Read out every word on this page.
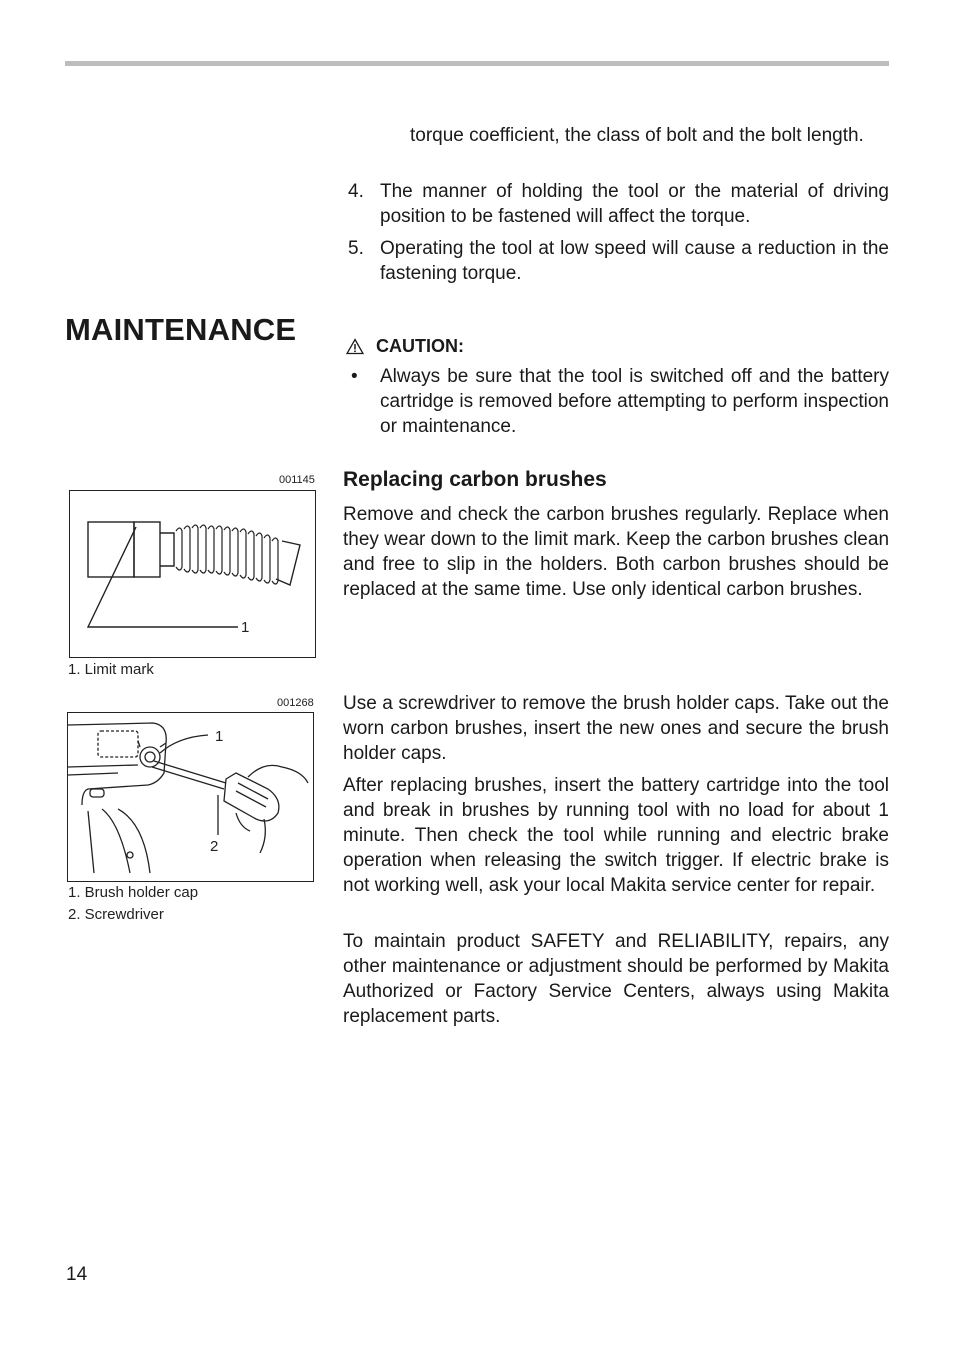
torque coefficient, the class of bolt and the bolt length.

4. The manner of holding the tool or the material of driving position to be fastened will affect the torque.
5. Operating the tool at low speed will cause a reduction in the fastening torque.
MAINTENANCE	CAUTION:
• Always be sure that the tool is switched off and the battery cartridge is removed before attempting to perform inspection or maintenance.
Replacing carbon brushes

Remove and check the carbon brushes regularly. Replace when they wear down to the limit mark. Keep the carbon brushes clean and free to slip in the holders. Both carbon brushes should be replaced at the same time. Use only identical carbon brushes.

Use a screwdriver to remove the brush holder caps. Take out the worn carbon brushes, insert the new ones and secure the brush holder caps.

After replacing brushes, insert the battery cartridge into the tool and break in brushes by running tool with no load for about 1 minute. Then check the tool while running and electric brake operation when releasing the switch trigger. If electric brake is not working well, ask your local Makita service center for repair.

To maintain product SAFETY and RELIABILITY, repairs, any other maintenance or adjustment should be performed by Makita Authorized or Factory Service Centers, always using Makita replacement parts.

001145
1
1. Limit mark
001268
1
2
1. Brush holder cap
2. Screwdriver
14
